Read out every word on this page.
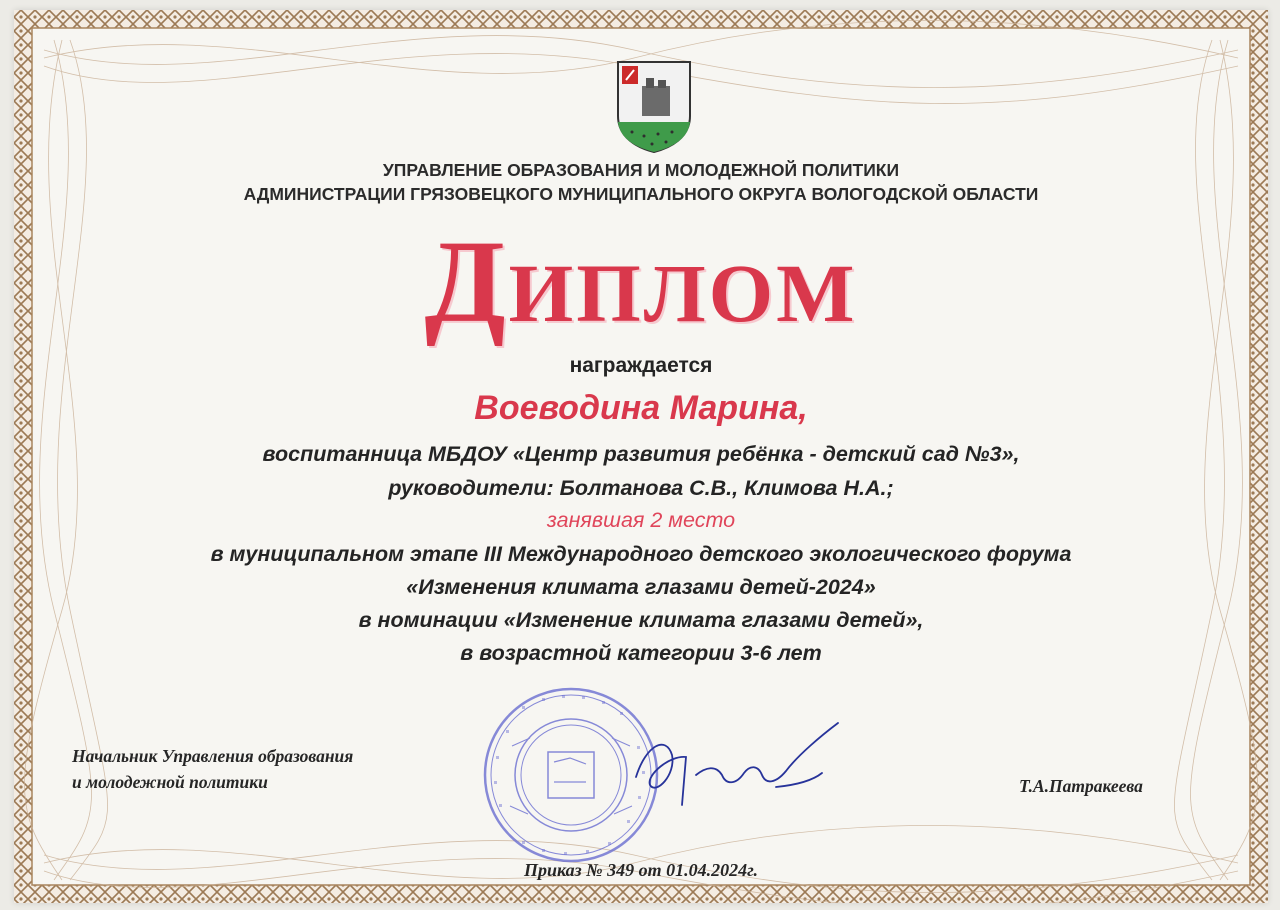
УПРАВЛЕНИЕ ОБРАЗОВАНИЯ И МОЛОДЕЖНОЙ ПОЛИТИКИ

АДМИНИСТРАЦИИ ГРЯЗОВЕЦКОГО МУНИЦИПАЛЬНОГО ОКРУГА ВОЛОГОДСКОЙ ОБЛАСТИ

Диплом

награждается

Воеводина Марина,

воспитанница МБДОУ «Центр развития ребёнка - детский сад №3»,

руководители: Болтанова С.В., Климова Н.А.;

занявшая 2 место

в муниципальном этапе III Международного детского экологического форума

«Изменения климата глазами детей-2024»

в номинации «Изменение климата глазами детей»,

в возрастной категории 3-6 лет

Начальник Управления образования
и молодежной политики	Т.А.Патракеева

Приказ № 349 от 01.04.2024г.
